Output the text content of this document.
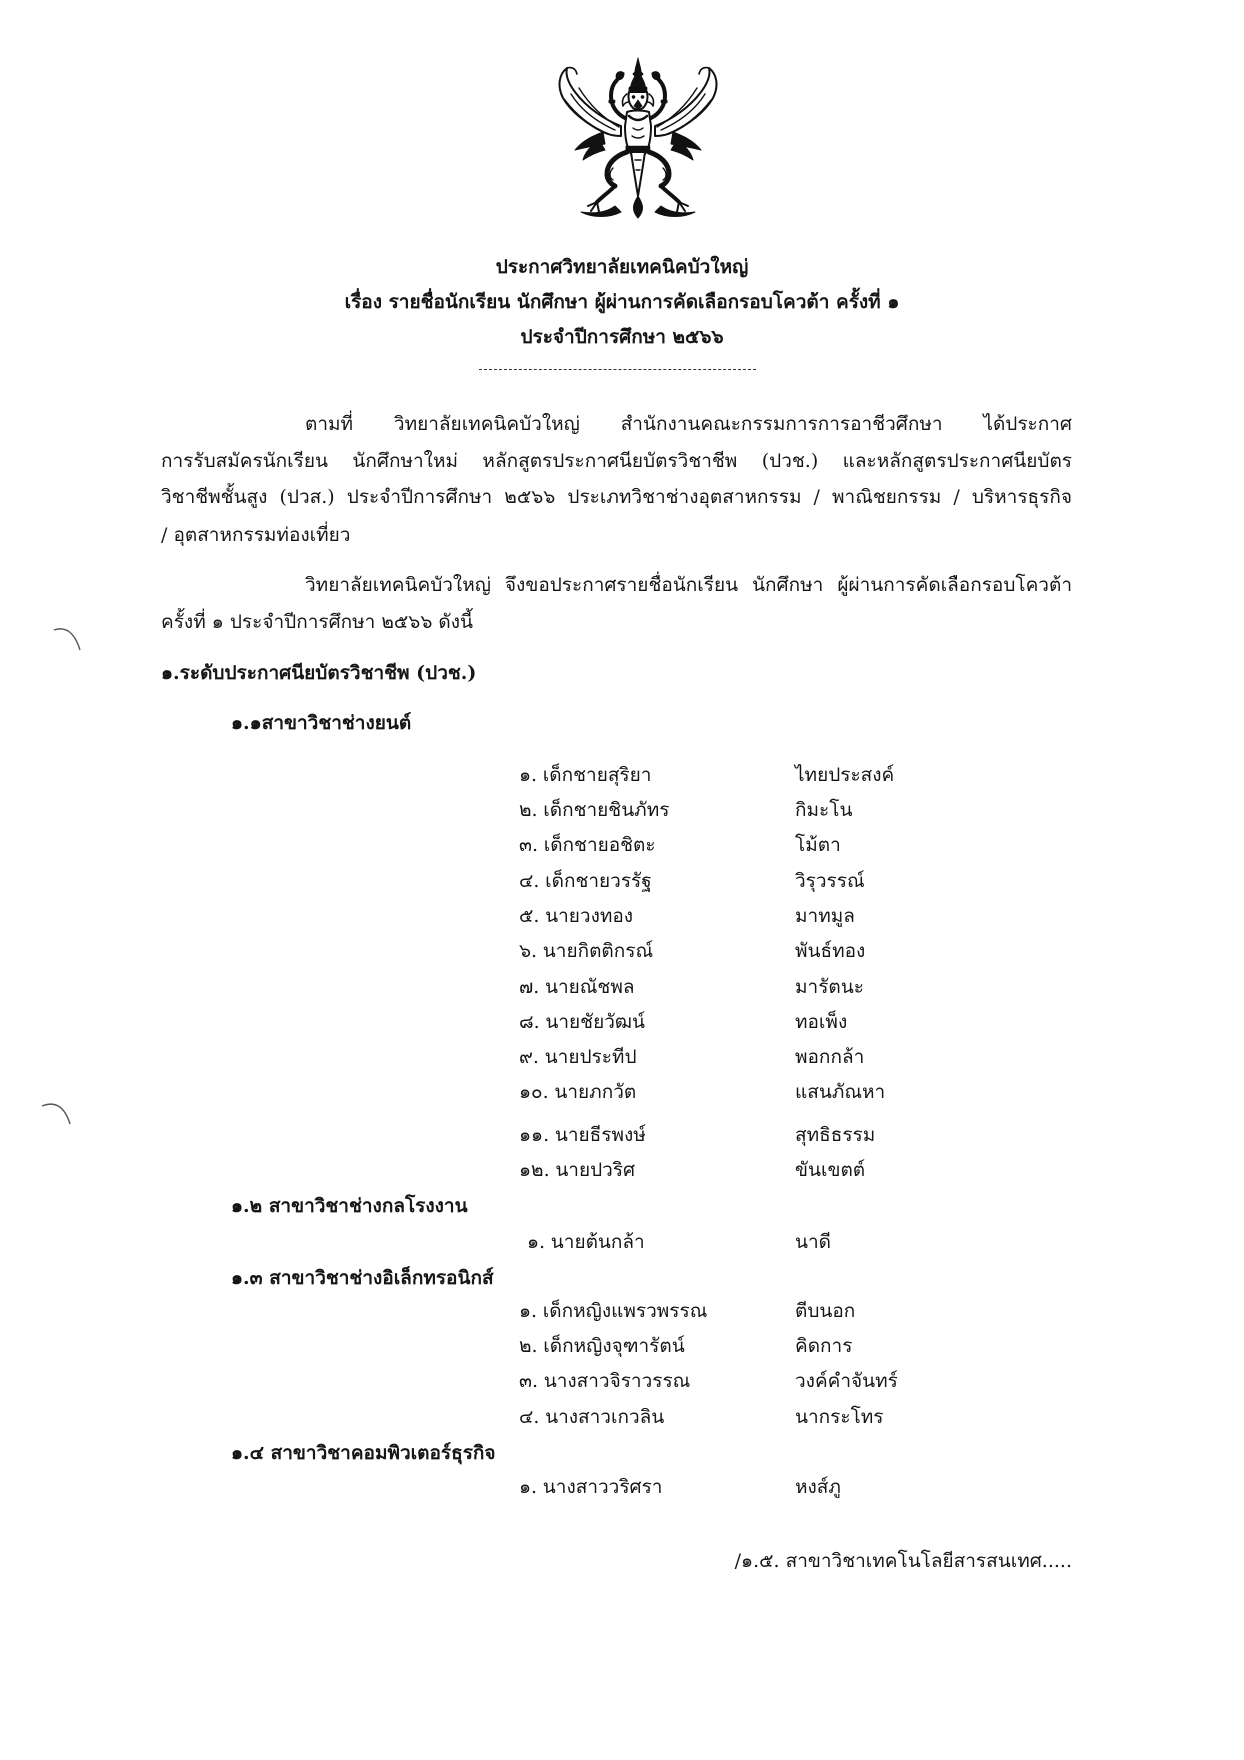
ประกาศวิทยาลัยเทคนิคบัวใหญ่
เรื่อง รายชื่อนักเรียน นักศึกษา ผู้ผ่านการคัดเลือกรอบโควต้า ครั้งที่ ๑
ประจำปีการศึกษา ๒๕๖๖
ตามที่ วิทยาลัยเทคนิคบัวใหญ่ สำนักงานคณะกรรมการการอาชีวศึกษา ได้ประกาศ
การรับสมัครนักเรียน นักศึกษาใหม่ หลักสูตรประกาศนียบัตรวิชาชีพ (ปวช.) และหลักสูตรประกาศนียบัตร
วิชาชีพชั้นสูง (ปวส.) ประจำปีการศึกษา ๒๕๖๖ ประเภทวิชาช่างอุตสาหกรรม / พาณิชยกรรม / บริหารธุรกิจ
/ อุตสาหกรรมท่องเที่ยว
วิทยาลัยเทคนิคบัวใหญ่ จึงขอประกาศรายชื่อนักเรียน นักศึกษา ผู้ผ่านการคัดเลือกรอบโควต้า
ครั้งที่ ๑ ประจำปีการศึกษา ๒๕๖๖ ดังนี้
๑.ระดับประกาศนียบัตรวิชาชีพ (ปวช.)
๑.๑สาขาวิชาช่างยนต์
๑. เด็กชายสุริยา	ไทยประสงค์
๒. เด็กชายชินภัทร	กิมะโน
๓. เด็กชายอชิตะ	โม้ตา
๔. เด็กชายวรรัฐ	วิรุวรรณ์
๕. นายวงทอง	มาทมูล
๖. นายกิตติกรณ์	พันธ์ทอง
๗. นายณัชพล	มารัตนะ
๘. นายชัยวัฒน์	ทอเพ็ง
๙. นายประทีป	พอกกล้า
๑๐. นายภกวัต	แสนภัณหา
๑๑. นายธีรพงษ์	สุทธิธรรม
๑๒. นายปวริศ	ขันเขตต์
๑.๒ สาขาวิชาช่างกลโรงงาน
๑. นายต้นกล้า	นาดี
๑.๓ สาขาวิชาช่างอิเล็กทรอนิกส์
๑. เด็กหญิงแพรวพรรณ	ตีบนอก
๒. เด็กหญิงจุฑารัตน์	คิดการ
๓. นางสาวจิราวรรณ	วงค์คำจันทร์
๔. นางสาวเกวลิน	นากระโทร
๑.๔ สาขาวิชาคอมพิวเตอร์ธุรกิจ
๑. นางสาววริศรา	หงส์ภู
/๑.๕. สาขาวิชาเทคโนโลยีสารสนเทศ.....
